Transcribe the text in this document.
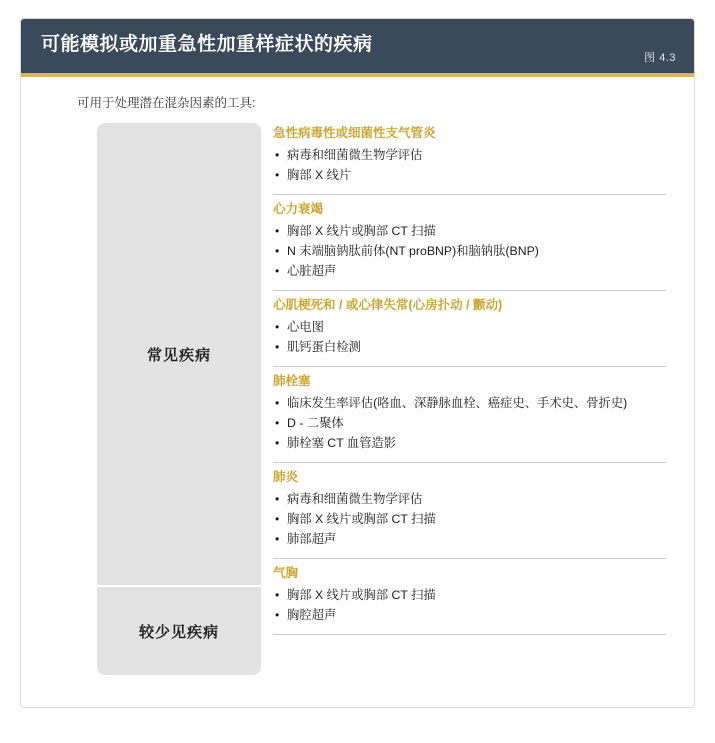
可能模拟或加重急性加重样症状的疾病
图 4.3
可用于处理潜在混杂因素的工具:
常见疾病
较少见疾病
急性病毒性或细菌性支气管炎
• 病毒和细菌微生物学评估
• 胸部 X 线片
心力衰竭
• 胸部 X 线片或胸部 CT 扫描
• N 末端脑钠肽前体(NT proBNP)和脑钠肽(BNP)
• 心脏超声
心肌梗死和 / 或心律失常(心房扑动 / 颤动)
• 心电图
• 肌钙蛋白检测
肺栓塞
• 临床发生率评估(咯血、深静脉血栓、癌症史、手术史、骨折史)
• D - 二聚体
• 肺栓塞 CT 血管造影
肺炎
• 病毒和细菌微生物学评估
• 胸部 X 线片或胸部 CT 扫描
• 肺部超声
气胸
• 胸部 X 线片或胸部 CT 扫描
• 胸腔超声
